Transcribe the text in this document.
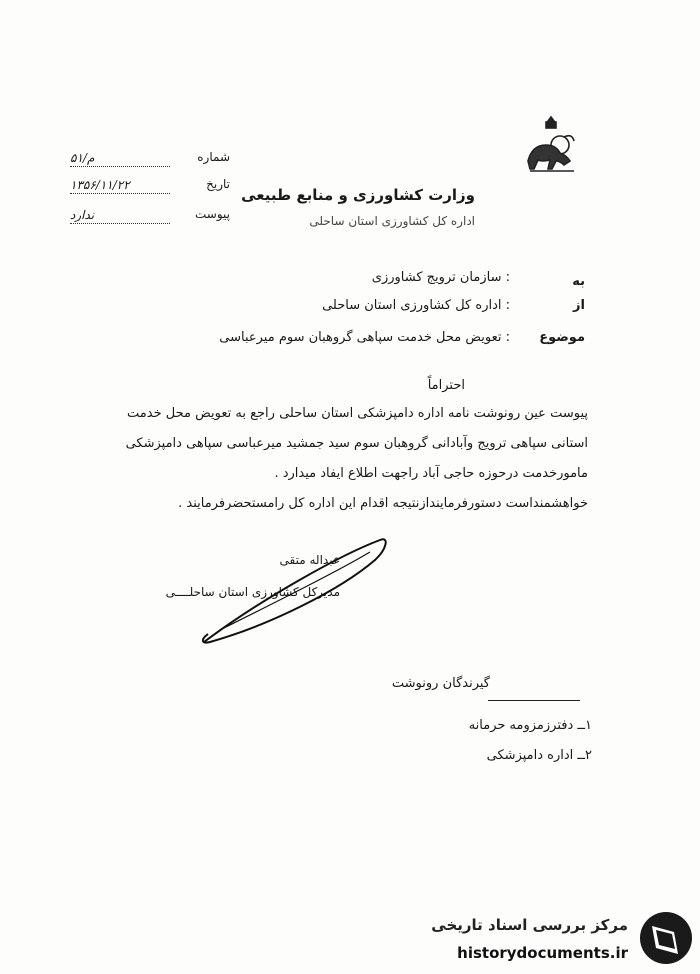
شماره
۵۱/م
تاریخ
۱۳۵۶/۱۱/۲۲
پیوست
ندارد
وزارت کشاورزی و منابع طبیعی
اداره کل کشاورزی استان ساحلی
به
: سازمان ترویج کشاورزی
از
: اداره کل کشاورزی استان ساحلی
موضوع
: تعویض محل خدمت سپاهی گروهبان سوم میرعباسی
احتراماً
پیوست عین رونوشت نامه اداره دامپزشکی استان ساحلی راجع به تعویض محل خدمت
استانی سپاهی ترویج وآبادانی گروهبان سوم سید جمشید میرعباسی سپاهی دامپزشکی
مامورخدمت درحوزه حاجی آباد راجهت اطلاع ایفاد میدارد .
خواهشمنداست دستورفرمایندازنتیجه اقدام این اداره کل رامستحضرفرمایند .
عبداله متقی
مدیرکل کشاورزی استان ساحلــــی
گیرندگان رونوشت
۱ــ دفترزمزومه حرمانه
۲ــ اداره دامپزشکی
مرکز بررسی اسناد تاریخی
historydocuments.ir
